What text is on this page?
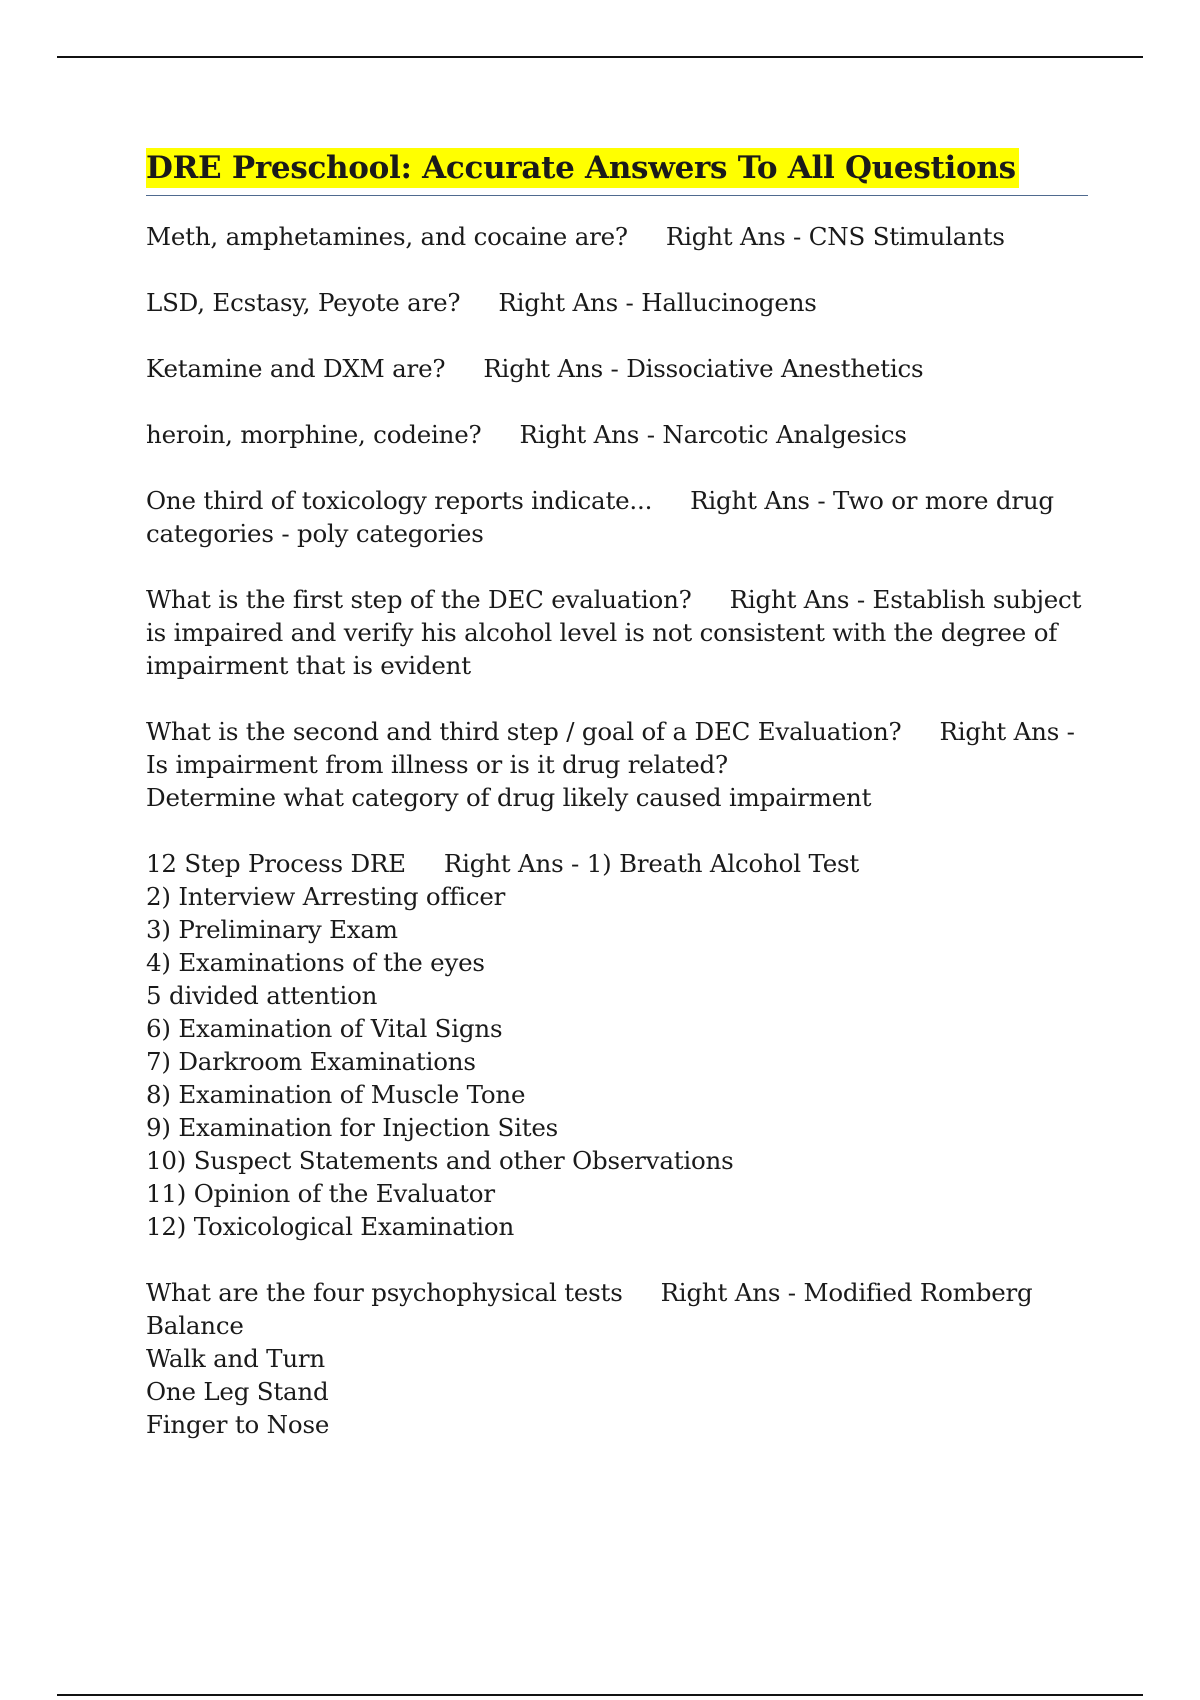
DRE Preschool: Accurate Answers To All Questions
Meth, amphetamines, and cocaine are? Right Ans - CNS Stimulants
LSD, Ecstasy, Peyote are? Right Ans - Hallucinogens
Ketamine and DXM are? Right Ans - Dissociative Anesthetics
heroin, morphine, codeine? Right Ans - Narcotic Analgesics
One third of toxicology reports indicate... Right Ans - Two or more drug categories - poly categories
What is the first step of the DEC evaluation? Right Ans - Establish subject is impaired and verify his alcohol level is not consistent with the degree of impairment that is evident
What is the second and third step / goal of a DEC Evaluation? Right Ans - Is impairment from illness or is it drug related?
Determine what category of drug likely caused impairment
12 Step Process DRE Right Ans - 1) Breath Alcohol Test
2) Interview Arresting officer
3) Preliminary Exam
4) Examinations of the eyes
5 divided attention
6) Examination of Vital Signs
7) Darkroom Examinations
8) Examination of Muscle Tone
9) Examination for Injection Sites
10) Suspect Statements and other Observations
11) Opinion of the Evaluator
12) Toxicological Examination
What are the four psychophysical tests Right Ans - Modified Romberg Balance
Walk and Turn
One Leg Stand
Finger to Nose
